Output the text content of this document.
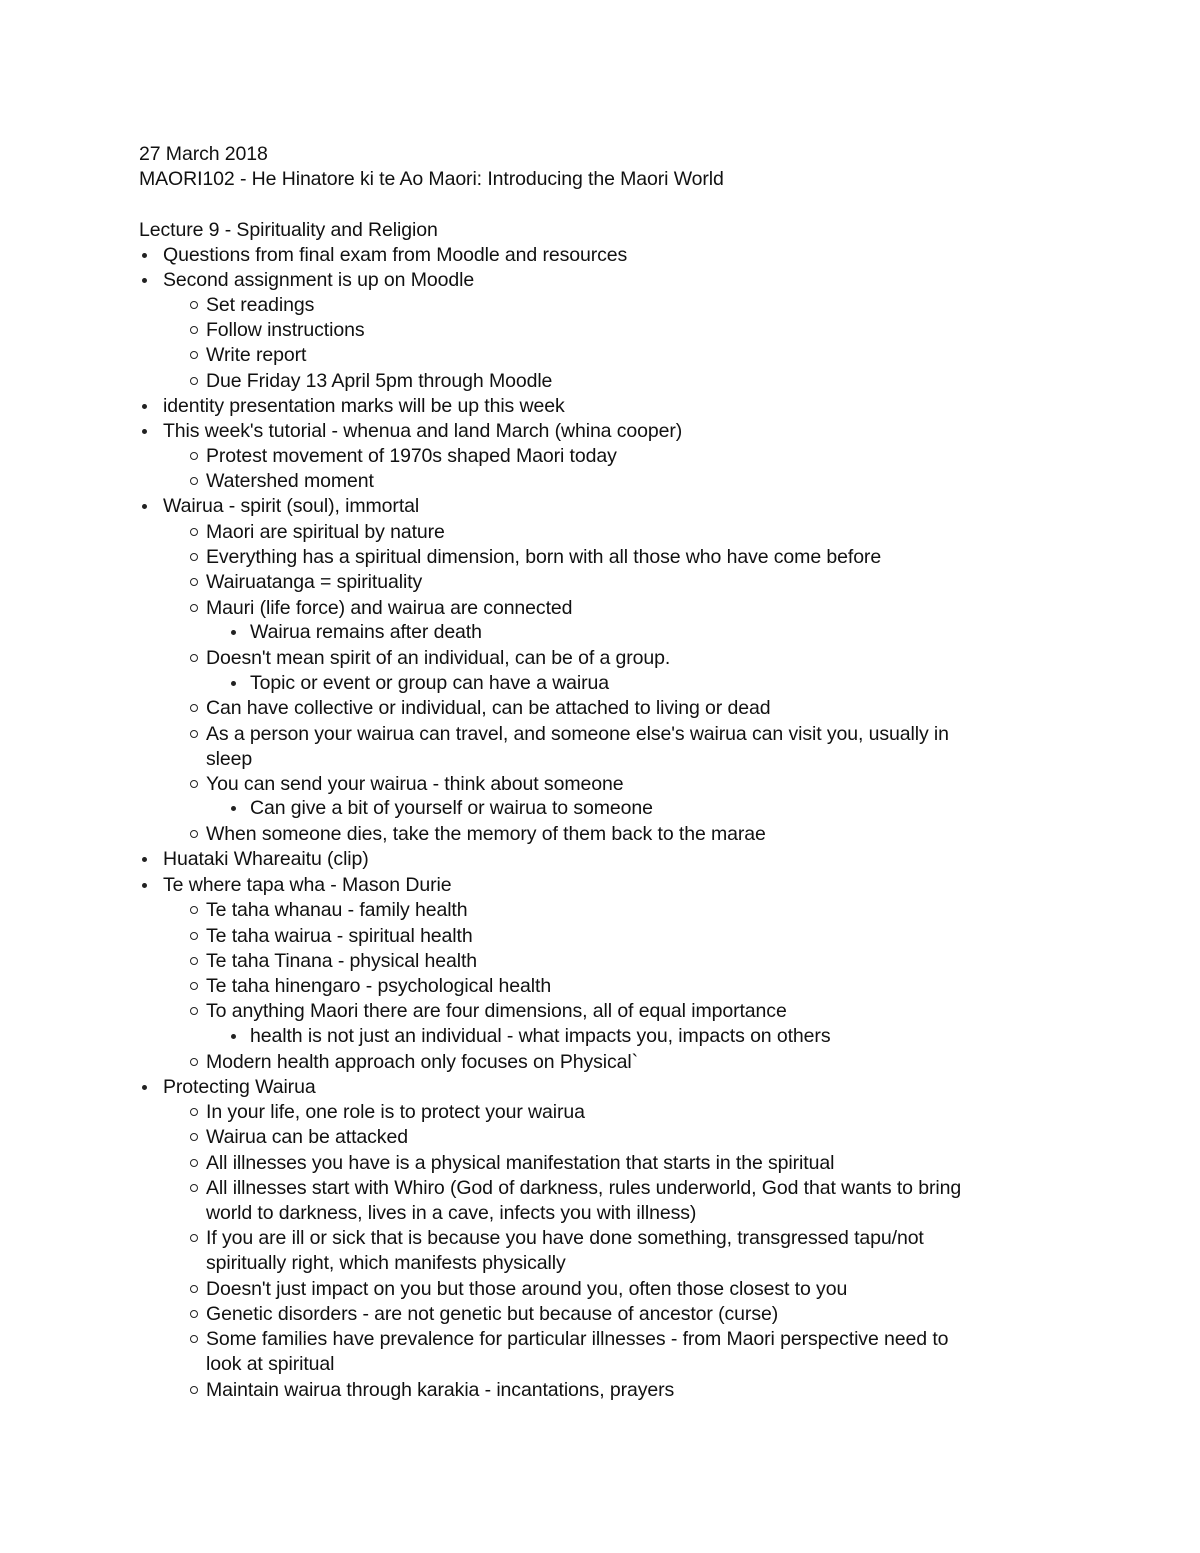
27 March 2018
MAORI102 - He Hinatore ki te Ao Maori: Introducing the Maori World
Lecture 9 - Spirituality and Religion
Questions from final exam from Moodle and resources
Second assignment is up on Moodle
Set readings
Follow instructions
Write report
Due Friday 13 April 5pm through Moodle
identity presentation marks will be up this week
This week's tutorial - whenua and land March (whina cooper)
Protest movement of 1970s shaped Maori today
Watershed moment
Wairua - spirit (soul), immortal
Maori are spiritual by nature
Everything has a spiritual dimension, born with all those who have come before
Wairuatanga = spirituality
Mauri (life force) and wairua are connected
Wairua remains after death
Doesn't mean spirit of an individual, can be of a group.
Topic or event or group can have a wairua
Can have collective or individual, can be attached to living or dead
As a person your wairua can travel, and someone else's wairua can visit you, usually in
sleep
You can send your wairua - think about someone
Can give a bit of yourself or wairua to someone
When someone dies, take the memory of them back to the marae
Huataki Whareaitu (clip)
Te where tapa wha - Mason Durie
Te taha whanau - family health
Te taha wairua - spiritual health
Te taha Tinana - physical health
Te taha hinengaro - psychological health
To anything Maori there are four dimensions, all of equal importance
health is not just an individual - what impacts you, impacts on others
Modern health approach only focuses on Physical`
Protecting Wairua
In your life, one role is to protect your wairua
Wairua can be attacked
All illnesses you have is a physical manifestation that starts in the spiritual
All illnesses start with Whiro (God of darkness, rules underworld, God that wants to bring
world to darkness, lives in a cave, infects you with illness)
If you are ill or sick that is because you have done something, transgressed tapu/not
spiritually right, which manifests physically
Doesn't just impact on you but those around you, often those closest to you
Genetic disorders - are not genetic but because of ancestor (curse)
Some families have prevalence for particular illnesses - from Maori perspective need to
look at spiritual
Maintain wairua through karakia - incantations, prayers
